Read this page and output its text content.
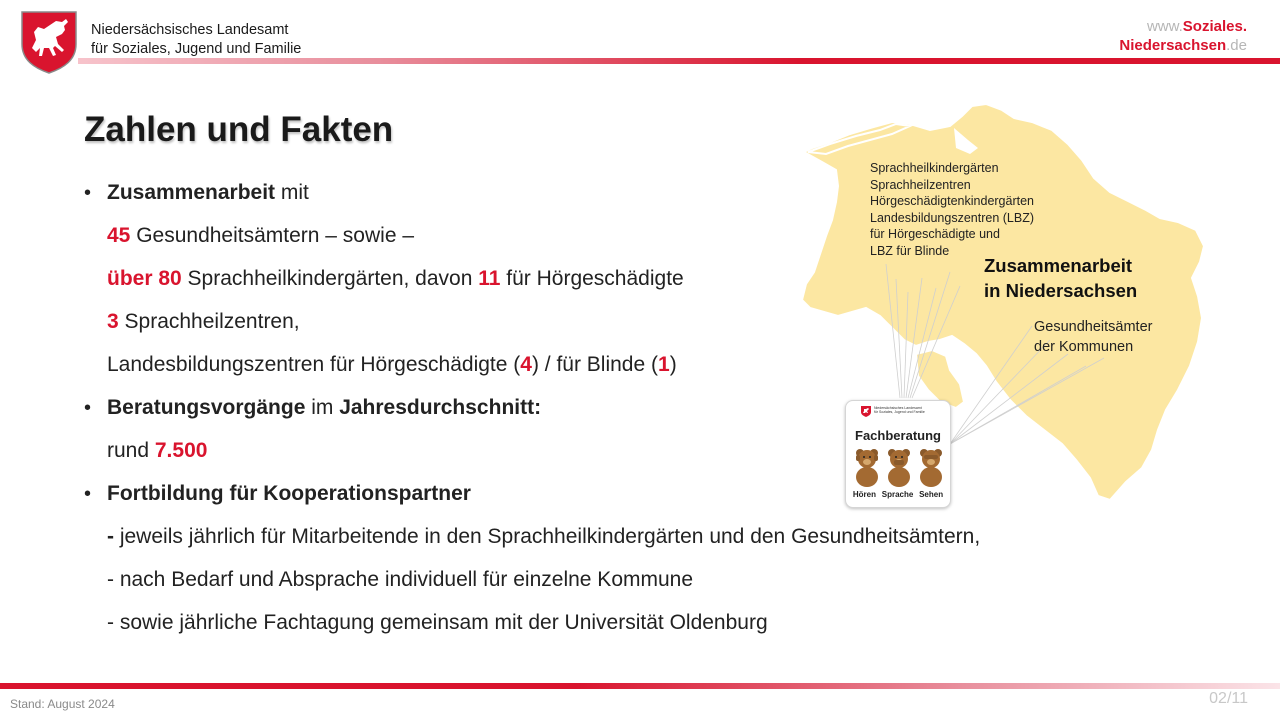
Niedersächsisches Landesamt
für Soziales, Jugend und Familie
www.Soziales.
Niedersachsen.de
Zahlen und Fakten
• Zusammenarbeit mit
45 Gesundheitsämtern – sowie –
über 80 Sprachheilkindergärten, davon 11 für Hörgeschädigte
3 Sprachheilzentren,
Landesbildungszentren für Hörgeschädigte (4) / für Blinde (1)
• Beratungsvorgänge im Jahresdurchschnitt:
rund 7.500
• Fortbildung für Kooperationspartner
- jeweils jährlich für Mitarbeitende in den Sprachheilkindergärten und den Gesundheitsämtern,
- nach Bedarf und Absprache individuell für einzelne Kommune
- sowie jährliche Fachtagung gemeinsam mit der Universität Oldenburg
Sprachheilkindergärten
Sprachheilzentren
Hörgeschädigtenkindergärten
Landesbildungszentren (LBZ)
für Hörgeschädigte und
LBZ für Blinde
Zusammenarbeit
in Niedersachsen
Gesundheitsämter
der Kommunen
Niedersächsisches Landesamt
für Soziales, Jugend und Familie
Fachberatung
Hören Sprache Sehen
Stand: August 2024	02/11
